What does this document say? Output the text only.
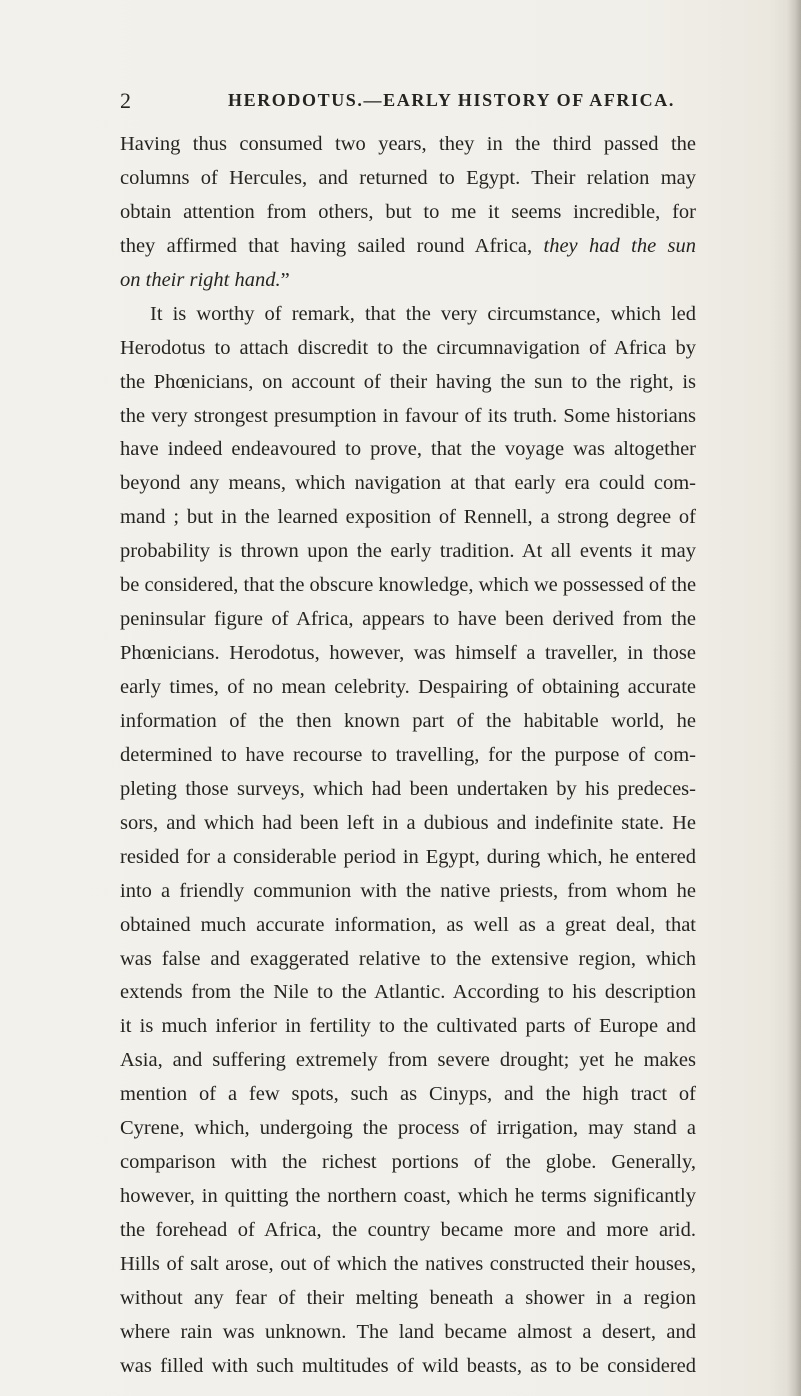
2	HERODOTUS.—EARLY HISTORY OF AFRICA.
Having thus consumed two years, they in the third passed the
columns of Hercules, and returned to Egypt. Their relation may
obtain attention from others, but to me it seems incredible, for
they affirmed that having sailed round Africa, they had the sun
on their right hand.”
It is worthy of remark, that the very circumstance, which led
Herodotus to attach discredit to the circumnavigation of Africa by
the Phœnicians, on account of their having the sun to the right, is
the very strongest presumption in favour of its truth. Some historians
have indeed endeavoured to prove, that the voyage was altogether
beyond any means, which navigation at that early era could com-
mand ; but in the learned exposition of Rennell, a strong degree of
probability is thrown upon the early tradition. At all events it may
be considered, that the obscure knowledge, which we possessed of the
peninsular figure of Africa, appears to have been derived from the
Phœnicians. Herodotus, however, was himself a traveller, in those
early times, of no mean celebrity. Despairing of obtaining accurate
information of the then known part of the habitable world, he
determined to have recourse to travelling, for the purpose of com-
pleting those surveys, which had been undertaken by his predeces-
sors, and which had been left in a dubious and indefinite state. He
resided for a considerable period in Egypt, during which, he entered
into a friendly communion with the native priests, from whom he
obtained much accurate information, as well as a great deal, that
was false and exaggerated relative to the extensive region, which
extends from the Nile to the Atlantic. According to his description
it is much inferior in fertility to the cultivated parts of Europe and
Asia, and suffering extremely from severe drought; yet he makes
mention of a few spots, such as Cinyps, and the high tract of
Cyrene, which, undergoing the process of irrigation, may stand a
comparison with the richest portions of the globe. Generally,
however, in quitting the northern coast, which he terms significantly
the forehead of Africa, the country became more and more arid.
Hills of salt arose, out of which the natives constructed their houses,
without any fear of their melting beneath a shower in a region
where rain was unknown. The land became almost a desert, and
was filled with such multitudes of wild beasts, as to be considered
